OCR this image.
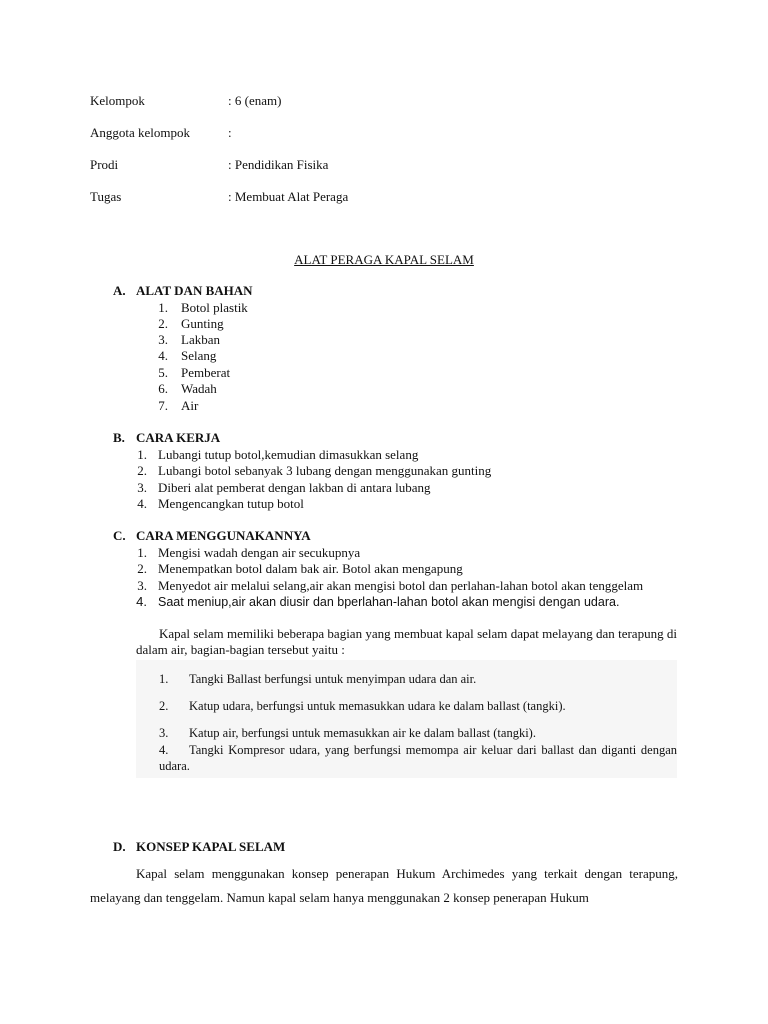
Kelompok	: 6 (enam)
Anggota kelompok	:
Prodi	: Pendidikan Fisika
Tugas	: Membuat Alat Peraga
ALAT PERAGA KAPAL SELAM
A. ALAT DAN BAHAN
1. Botol plastik
2. Gunting
3. Lakban
4. Selang
5. Pemberat
6. Wadah
7. Air
B. CARA KERJA
1. Lubangi tutup botol,kemudian dimasukkan selang
2. Lubangi botol sebanyak 3 lubang dengan menggunakan gunting
3. Diberi alat pemberat dengan lakban di antara lubang
4. Mengencangkan tutup botol
C. CARA MENGGUNAKANNYA
1. Mengisi wadah dengan air secukupnya
2. Menempatkan botol dalam bak air. Botol akan mengapung
3. Menyedot air melalui selang,air akan mengisi botol dan perlahan-lahan botol akan tenggelam
4. Saat meniup,air akan diusir dan bperlahan-lahan botol akan mengisi dengan udara.
Kapal selam memiliki beberapa bagian yang membuat kapal selam dapat melayang dan terapung di dalam air, bagian-bagian tersebut yaitu :
1. Tangki Ballast berfungsi untuk menyimpan udara dan air.
2. Katup udara, berfungsi untuk memasukkan udara ke dalam ballast (tangki).
3. Katup air, berfungsi untuk memasukkan air ke dalam ballast (tangki).
4.	Tangki Kompresor udara, yang berfungsi memompa air keluar dari ballast dan diganti dengan udara.
D. KONSEP KAPAL SELAM
Kapal selam menggunakan konsep penerapan Hukum Archimedes yang terkait dengan terapung, melayang dan tenggelam. Namun kapal selam hanya menggunakan 2 konsep penerapan Hukum
